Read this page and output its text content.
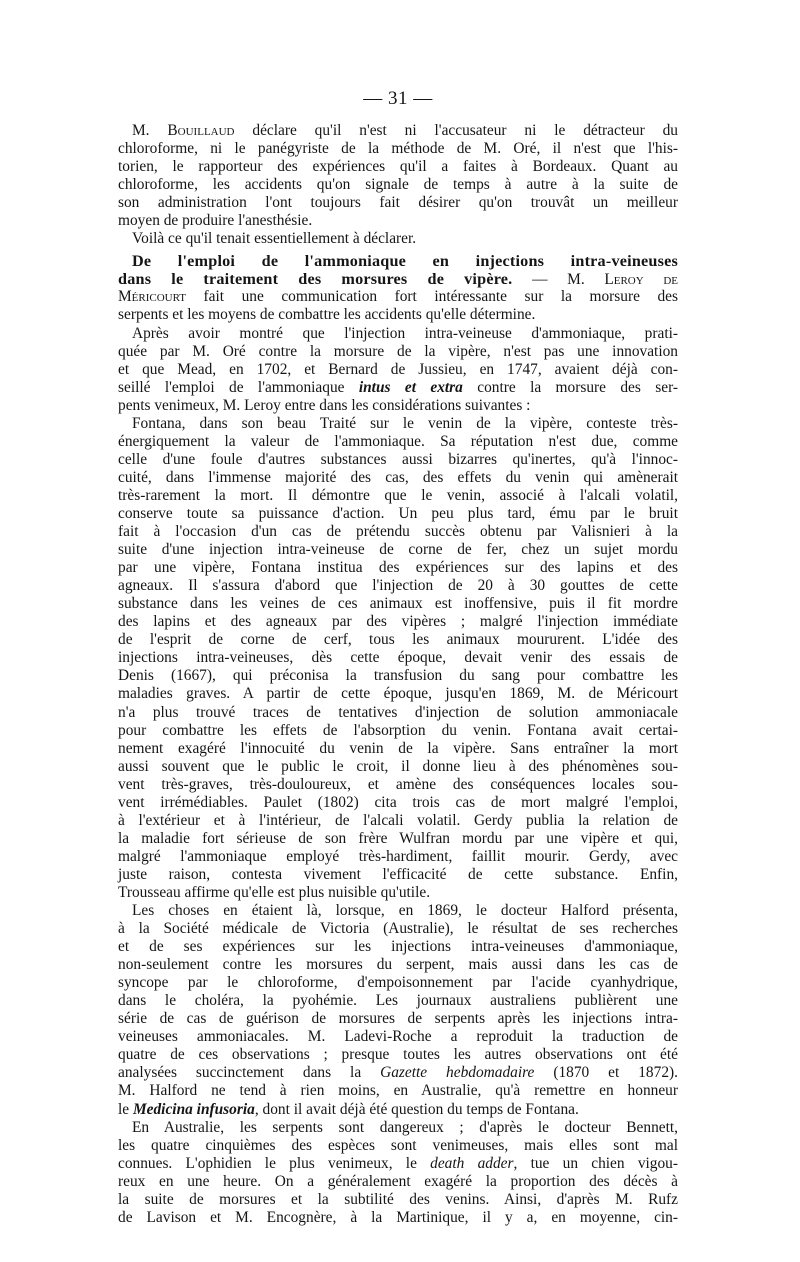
— 31 —
M. Bouillaud déclare qu'il n'est ni l'accusateur ni le détracteur du
chloroforme, ni le panégyriste de la méthode de M. Oré, il n'est que l'his-
torien, le rapporteur des expériences qu'il a faites à Bordeaux. Quant au
chloroforme, les accidents qu'on signale de temps à autre à la suite de
son administration l'ont toujours fait désirer qu'on trouvât un meilleur
moyen de produire l'anesthésie.
Voilà ce qu'il tenait essentiellement à déclarer.
De l'emploi de l'ammoniaque en injections intra-veineuses
dans le traitement des morsures de vipère. — M. Leroy de
Méricourt fait une communication fort intéressante sur la morsure des
serpents et les moyens de combattre les accidents qu'elle détermine.
Après avoir montré que l'injection intra-veineuse d'ammoniaque, prati-
quée par M. Oré contre la morsure de la vipère, n'est pas une innovation
et que Mead, en 1702, et Bernard de Jussieu, en 1747, avaient déjà con-
seillé l'emploi de l'ammoniaque intus et extra contre la morsure des ser-
pents venimeux, M. Leroy entre dans les considérations suivantes :
Fontana, dans son beau Traité sur le venin de la vipère, conteste très-
énergiquement la valeur de l'ammoniaque. Sa réputation n'est due, comme
celle d'une foule d'autres substances aussi bizarres qu'inertes, qu'à l'innoc-
cuité, dans l'immense majorité des cas, des effets du venin qui amènerait
très-rarement la mort. Il démontre que le venin, associé à l'alcali volatil,
conserve toute sa puissance d'action. Un peu plus tard, ému par le bruit
fait à l'occasion d'un cas de prétendu succès obtenu par Valisnieri à la
suite d'une injection intra-veineuse de corne de fer, chez un sujet mordu
par une vipère, Fontana institua des expériences sur des lapins et des
agneaux. Il s'assura d'abord que l'injection de 20 à 30 gouttes de cette
substance dans les veines de ces animaux est inoffensive, puis il fit mordre
des lapins et des agneaux par des vipères ; malgré l'injection immédiate
de l'esprit de corne de cerf, tous les animaux moururent. L'idée des
injections intra-veineuses, dès cette époque, devait venir des essais de
Denis (1667), qui préconisa la transfusion du sang pour combattre les
maladies graves. A partir de cette époque, jusqu'en 1869, M. de Méricourt
n'a plus trouvé traces de tentatives d'injection de solution ammoniacale
pour combattre les effets de l'absorption du venin. Fontana avait certai-
nement exagéré l'innocuité du venin de la vipère. Sans entraîner la mort
aussi souvent que le public le croit, il donne lieu à des phénomènes sou-
vent très-graves, très-douloureux, et amène des conséquences locales sou-
vent irrémédiables. Paulet (1802) cita trois cas de mort malgré l'emploi,
à l'extérieur et à l'intérieur, de l'alcali volatil. Gerdy publia la relation de
la maladie fort sérieuse de son frère Wulfran mordu par une vipère et qui,
malgré l'ammoniaque employé très-hardiment, faillit mourir. Gerdy, avec
juste raison, contesta vivement l'efficacité de cette substance. Enfin,
Trousseau affirme qu'elle est plus nuisible qu'utile.
Les choses en étaient là, lorsque, en 1869, le docteur Halford présenta,
à la Société médicale de Victoria (Australie), le résultat de ses recherches
et de ses expériences sur les injections intra-veineuses d'ammoniaque,
non-seulement contre les morsures du serpent, mais aussi dans les cas de
syncope par le chloroforme, d'empoisonnement par l'acide cyanhydrique,
dans le choléra, la pyohémie. Les journaux australiens publièrent une
série de cas de guérison de morsures de serpents après les injections intra-
veineuses ammoniacales. M. Ladevi-Roche a reproduit la traduction de
quatre de ces observations ; presque toutes les autres observations ont été
analysées succinctement dans la Gazette hebdomadaire (1870 et 1872).
M. Halford ne tend à rien moins, en Australie, qu'à remettre en honneur
le Medicina infusoria, dont il avait déjà été question du temps de Fontana.
En Australie, les serpents sont dangereux ; d'après le docteur Bennett,
les quatre cinquièmes des espèces sont venimeuses, mais elles sont mal
connues. L'ophidien le plus venimeux, le death adder, tue un chien vigou-
reux en une heure. On a généralement exagéré la proportion des décès à
la suite de morsures et la subtilité des venins. Ainsi, d'après M. Rufz
de Lavison et M. Encognère, à la Martinique, il y a, en moyenne, cin-
